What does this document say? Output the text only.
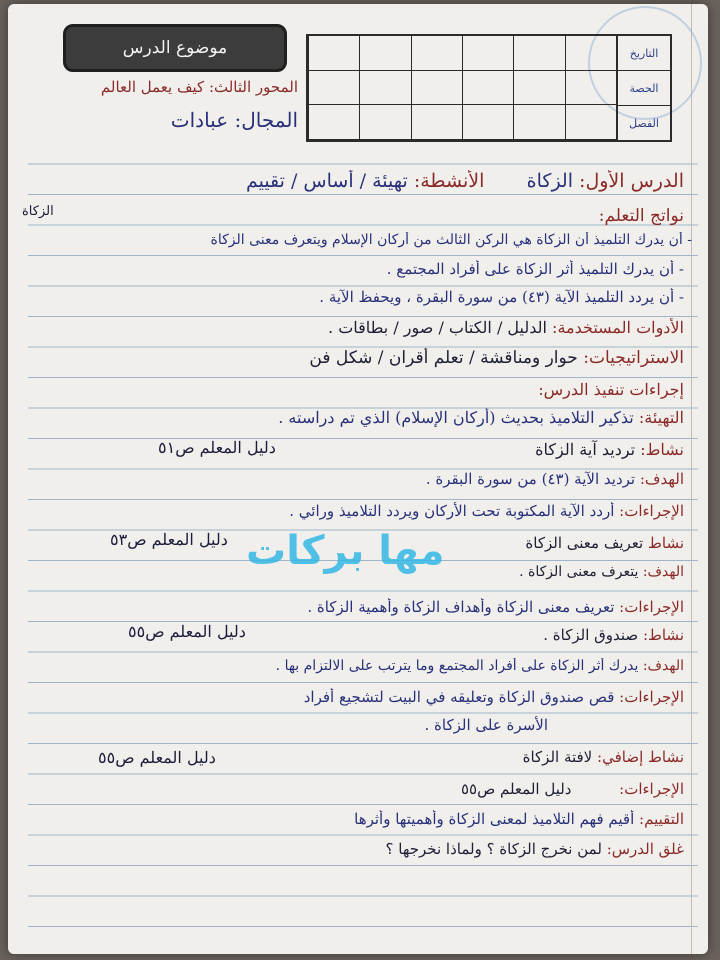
موضوع الدرس	التاريخ
الحصة
الفصل
المحور الثالث: كيف يعمل العالم
المجال: عبادات
الدرس الأول: الزكاة       الأنشطة: تهيئة / أساس / تقييم
الزكاة	نواتج التعلم:
- أن يدرك التلميذ أن الزكاة هي الركن الثالث من أركان الإسلام ويتعرف معنى الزكاة
- أن يدرك التلميذ أثر الزكاة على أفراد المجتمع .
- أن يردد التلميذ الآية (٤٣) من سورة البقرة ، ويحفظ الآية .
الأدوات المستخدمة: الدليل / الكتاب / صور / بطاقات .
الاستراتيجيات: حوار ومناقشة / تعلم أقران / شكل فن
إجراءات تنفيذ الدرس:
التهيئة: تذكير التلاميذ بحديث (أركان الإسلام) الذي تم دراسته .
نشاط: ترديد آية الزكاة
دليل المعلم ص٥١
الهدف: ترديد الآية (٤٣) من سورة البقرة .
الإجراءات: أردد الآية المكتوبة تحت الأركان ويردد التلاميذ ورائي .
نشاط تعريف معنى الزكاة
دليل المعلم ص٥٣
الهدف: يتعرف معنى الزكاة .
مها بركات
الإجراءات: تعريف معنى الزكاة وأهداف الزكاة وأهمية الزكاة .
نشاط: صندوق الزكاة .
دليل المعلم ص٥٥
الهدف: يدرك أثر الزكاة على أفراد المجتمع وما يترتب على الالتزام بها .
الإجراءات: قص صندوق الزكاة وتعليقه في البيت لتشجيع أفراد
الأسرة على الزكاة .
نشاط إضافي: لافتة الزكاة
دليل المعلم ص٥٥
الإجراءات:          دليل المعلم ص٥٥
التقييم: أقيم فهم التلاميذ لمعنى الزكاة وأهميتها وأثرها
غلق الدرس: لمن نخرج الزكاة ؟ ولماذا نخرجها ؟
